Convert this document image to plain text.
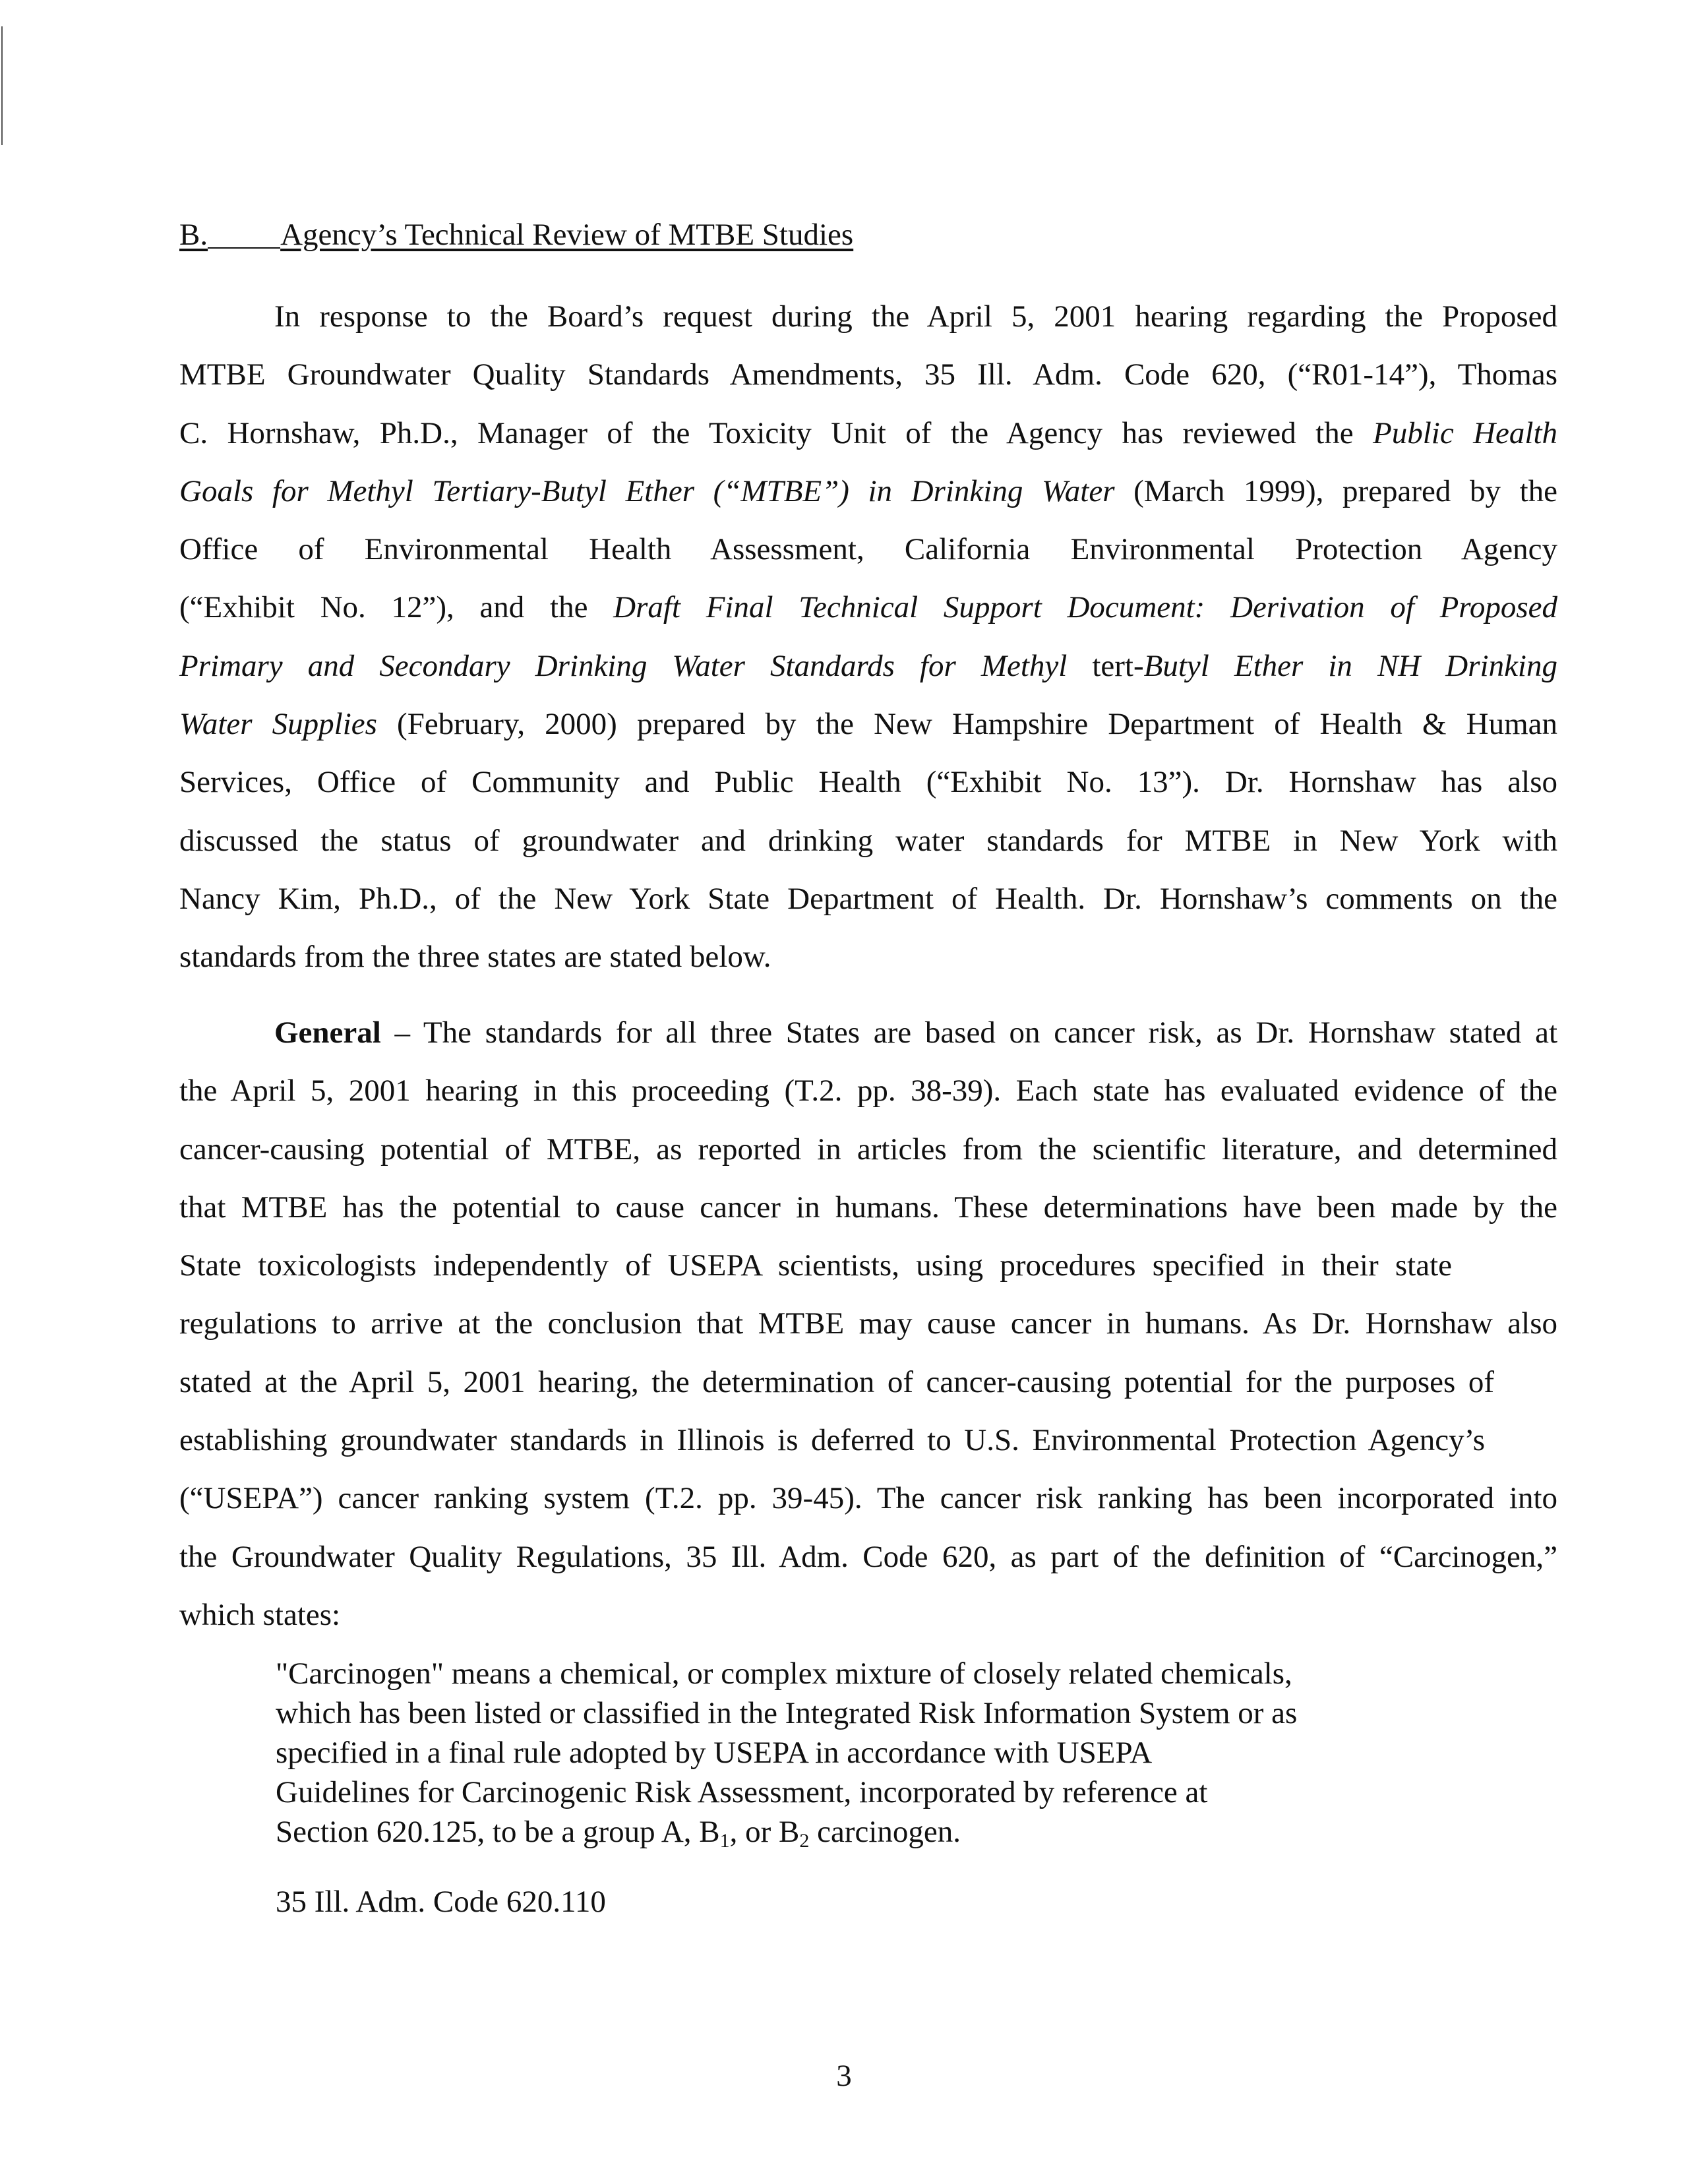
B. Agency’s Technical Review of MTBE Studies
In response to the Board’s request during the April 5, 2001 hearing regarding the Proposed
MTBE Groundwater Quality Standards Amendments, 35 Ill. Adm. Code 620, (“R01-14”), Thomas
C. Hornshaw, Ph.D., Manager of the Toxicity Unit of the Agency has reviewed the Public Health
Goals for Methyl Tertiary-Butyl Ether (“MTBE”) in Drinking Water (March 1999), prepared by the
Office of Environmental Health Assessment, California Environmental Protection Agency
(“Exhibit No. 12”), and the Draft Final Technical Support Document: Derivation of Proposed
Primary and Secondary Drinking Water Standards for Methyl tert-Butyl Ether in NH Drinking
Water Supplies (February, 2000) prepared by the New Hampshire Department of Health & Human
Services, Office of Community and Public Health (“Exhibit No. 13”). Dr. Hornshaw has also
discussed the status of groundwater and drinking water standards for MTBE in New York with
Nancy Kim, Ph.D., of the New York State Department of Health. Dr. Hornshaw’s comments on the
standards from the three states are stated below.
General – The standards for all three States are based on cancer risk, as Dr. Hornshaw stated at
the April 5, 2001 hearing in this proceeding (T.2. pp. 38-39). Each state has evaluated evidence of the
cancer-causing potential of MTBE, as reported in articles from the scientific literature, and determined
that MTBE has the potential to cause cancer in humans. These determinations have been made by the
State toxicologists independently of USEPA scientists, using procedures specified in their state
regulations to arrive at the conclusion that MTBE may cause cancer in humans. As Dr. Hornshaw also
stated at the April 5, 2001 hearing, the determination of cancer-causing potential for the purposes of
establishing groundwater standards in Illinois is deferred to U.S. Environmental Protection Agency’s
(“USEPA”) cancer ranking system (T.2. pp. 39-45). The cancer risk ranking has been incorporated into
the Groundwater Quality Regulations, 35 Ill. Adm. Code 620, as part of the definition of “Carcinogen,”
which states:
"Carcinogen" means a chemical, or complex mixture of closely related chemicals,
which has been listed or classified in the Integrated Risk Information System or as
specified in a final rule adopted by USEPA in accordance with USEPA
Guidelines for Carcinogenic Risk Assessment, incorporated by reference at
Section 620.125, to be a group A, $B_1$, or $B_2$ carcinogen.
35 Ill. Adm. Code 620.110
3
